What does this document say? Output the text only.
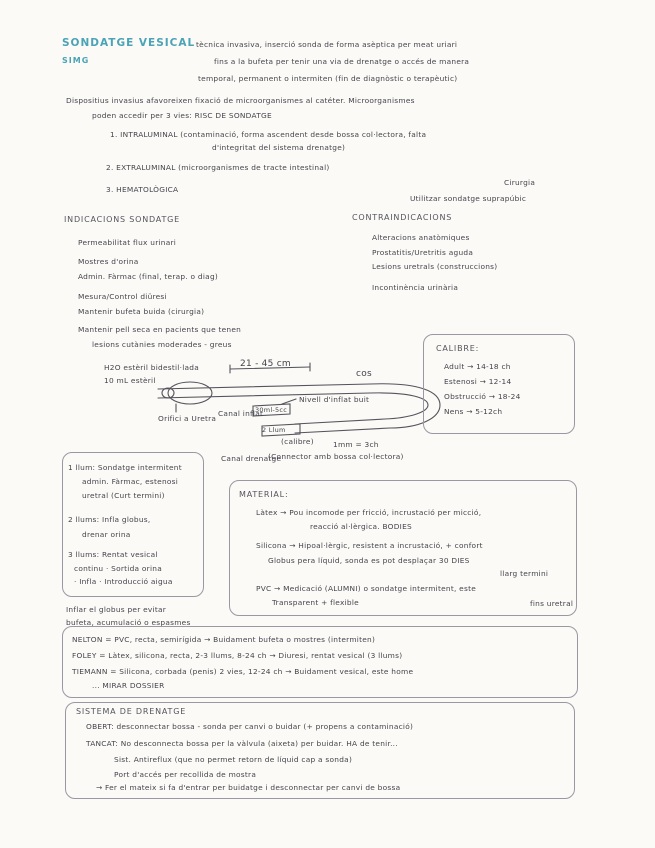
SONDATGE VESICAL
SIMG
tècnica invasiva, inserció sonda de forma asèptica per meat uriari
fins a la bufeta per tenir una via de drenatge o accés de manera
temporal, permanent o intermiten (fin de diagnòstic o terapèutic)
Dispositius invasius afavoreixen fixació de microorganismes al catéter. Microorganismes
poden accedir per 3 vies: RISC DE SONDATGE
1. INTRALUMINAL (contaminació, forma ascendent desde bossa col·lectora, falta
d'integritat del sistema drenatge)
2. EXTRALUMINAL (microorganismes de tracte intestinal)
3. HEMATOLÒGICA
Cirurgia
Utilitzar sondatge suprapúbic
INDICACIONS SONDATGE
Permeabilitat flux urinari
Mostres d'orina
Admin. Fàrmac (final, terap. o diag)
Mesura/Control diüresi
Mantenir bufeta buida (cirurgia)
Mantenir pell seca en pacients que tenen
lesions cutànies moderades - greus
CONTRAINDICACIONS
Alteracions anatòmiques
Prostatitis/Uretritis aguda
Lesions uretrals (construccions)
Incontinència urinària
H2O estèril bidestil·lada
10 mL estèril
21 - 45 cm
cos
Nivell d'inflat buit
30ml-5cc
2 Llum
Orifici a Uretra
Canal inflat
(calibre)	1mm = 3ch
Canal drenatge
(Connector amb bossa col·lectora)
CALIBRE:
Adult → 14-18 ch
Estenosi → 12-14
Obstrucció → 18-24
Nens → 5-12ch
1 llum: Sondatge intermitent
admin. Fàrmac, estenosi
uretral (Curt termini)
2 llums: Infla globus,
drenar orina
3 llums: Rentat vesical
continu · Sortida orina
· Infla · Introducció aigua
Inflar el globus per evitar
bufeta, acumulació o espasmes
MATERIAL:
Làtex → Pou incomode per fricció, incrustació per micció,
reacció al·lèrgica. BODIES
Silicona → Hipoal·lèrgic, resistent a incrustació, + confort
Globus pera líquid, sonda es pot desplaçar 30 DIES
llarg termini
PVC → Medicació (ALUMNI) o sondatge intermitent, este
Transparent + flexible	fins uretral
NELTON = PVC, recta, semirígida → Buidament bufeta o mostres (intermiten)
FOLEY = Làtex, silicona, recta, 2-3 llums, 8-24 ch → Diuresi, rentat vesical (3 llums)
TIEMANN = Silicona, corbada (penis) 2 vies, 12-24 ch → Buidament vesical, este home
... MIRAR DOSSIER
SISTEMA DE DRENATGE
OBERT: desconnectar bossa - sonda per canvi o buidar (+ propens a contaminació)
TANCAT: No desconnecta bossa per la vàlvula (aixeta) per buidar. HA de tenir...
Sist. Antireflux (que no permet retorn de líquid cap a sonda)
Port d'accés per recollida de mostra
→ Fer el mateix si fa d'entrar per buidatge i desconnectar per canvi de bossa
